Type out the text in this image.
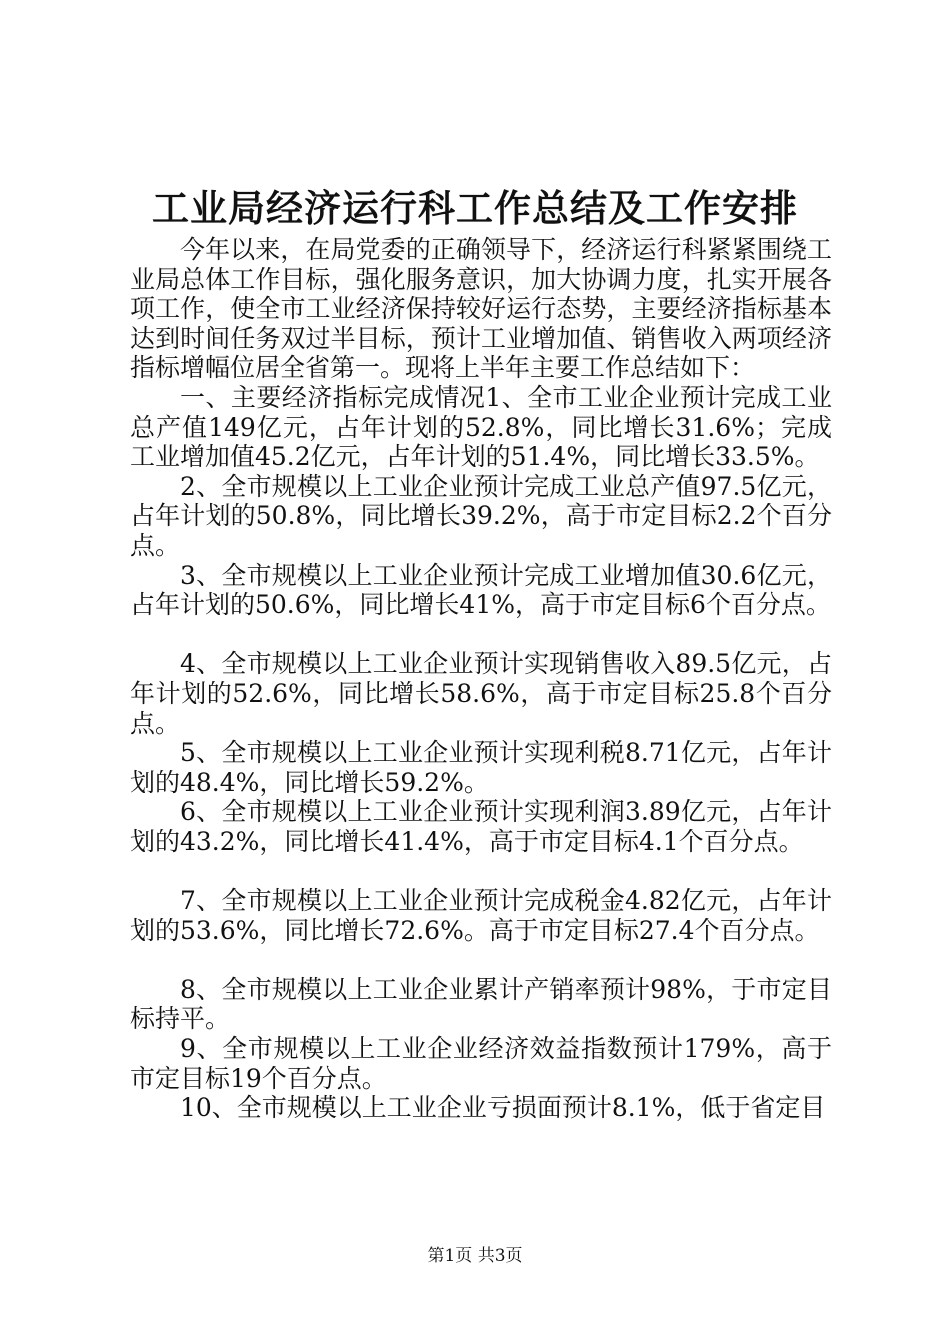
工业局经济运行科工作总结及工作安排

今年以来，在局党委的正确领导下，经济运行科紧紧围绕工业局总体工作目标，强化服务意识，加大协调力度，扎实开展各项工作，使全市工业经济保持较好运行态势，主要经济指标基本达到时间任务双过半目标，预计工业增加值、销售收入两项经济指标增幅位居全省第一。现将上半年主要工作总结如下：

一、主要经济指标完成情况1、全市工业企业预计完成工业总产值149亿元，占年计划的52.8%，同比增长31.6%；完成工业增加值45.2亿元，占年计划的51.4%，同比增长33.5%。

2、全市规模以上工业企业预计完成工业总产值97.5亿元，占年计划的50.8%，同比增长39.2%，高于市定目标2.2个百分点。

3、全市规模以上工业企业预计完成工业增加值30.6亿元，占年计划的50.6%，同比增长41%，高于市定目标6个百分点。

4、全市规模以上工业企业预计实现销售收入89.5亿元，占年计划的52.6%，同比增长58.6%，高于市定目标25.8个百分点。

5、全市规模以上工业企业预计实现利税8.71亿元，占年计划的48.4%，同比增长59.2%。

6、全市规模以上工业企业预计实现利润3.89亿元，占年计划的43.2%，同比增长41.4%，高于市定目标4.1个百分点。

7、全市规模以上工业企业预计完成税金4.82亿元，占年计划的53.6%，同比增长72.6%。高于市定目标27.4个百分点。

8、全市规模以上工业企业累计产销率预计98%，于市定目标持平。

9、全市规模以上工业企业经济效益指数预计179%，高于市定目标19个百分点。

10、全市规模以上工业企业亏损面预计8.1%，低于省定目

第1页 共3页
